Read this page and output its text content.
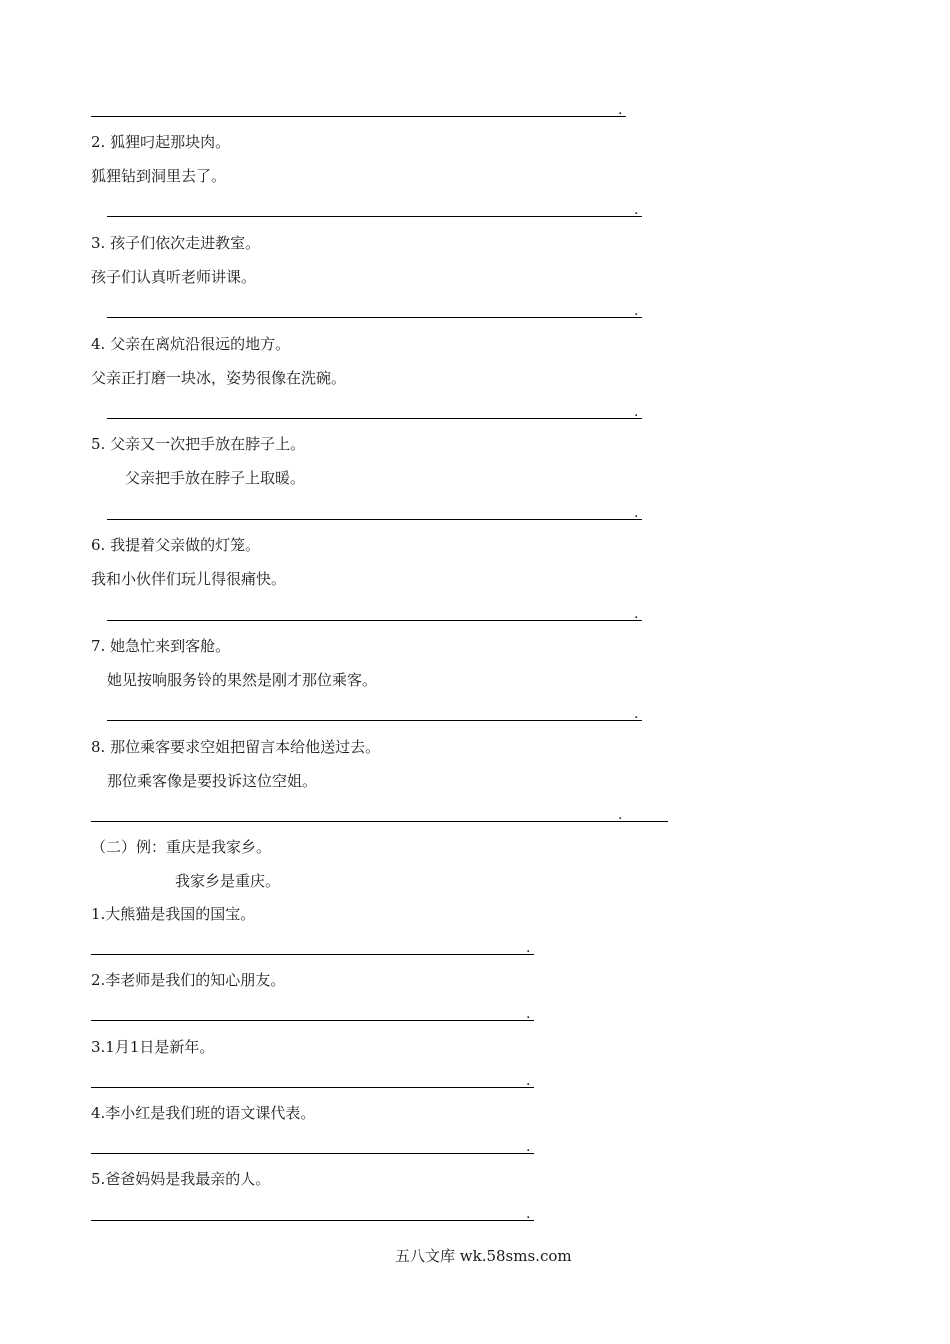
.

2. 狐狸叼起那块肉。

狐狸钻到洞里去了。

.

3. 孩子们依次走进教室。

孩子们认真听老师讲课。

.

4. 父亲在离炕沿很远的地方。

父亲正打磨一块冰，姿势很像在洗碗。

.

5. 父亲又一次把手放在脖子上。

父亲把手放在脖子上取暖。

.

6. 我提着父亲做的灯笼。

我和小伙伴们玩儿得很痛快。

.

7. 她急忙来到客舱。

她见按响服务铃的果然是刚才那位乘客。

.

8. 那位乘客要求空姐把留言本给他送过去。

那位乘客像是要投诉这位空姐。

.

（二）例：重庆是我家乡。

我家乡是重庆。

1.大熊猫是我国的国宝。

.

2.李老师是我们的知心朋友。

.

3.1月1日是新年。

.

4.李小红是我们班的语文课代表。

.

5.爸爸妈妈是我最亲的人。

.
五八文库 wk.58sms.com
